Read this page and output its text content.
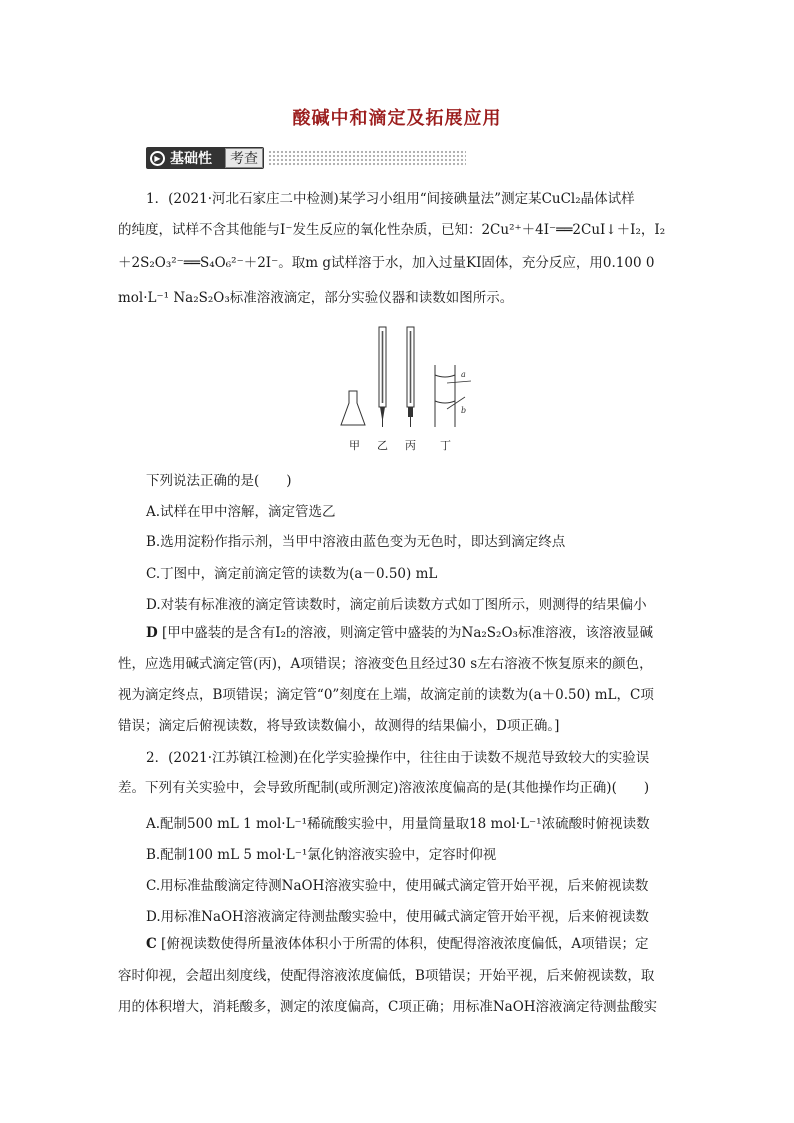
酸碱中和滴定及拓展应用
▶ 基础性	考查
1．(2021·河北石家庄二中检测)某学习小组用“间接碘量法”测定某CuCl₂晶体试样
的纯度，试样不含其他能与I⁻发生反应的氧化性杂质，已知：2Cu²⁺＋4I⁻══2CuI↓＋I₂，I₂
＋2S₂O₃²⁻══S₄O₆²⁻＋2I⁻。取m g试样溶于水，加入过量KI固体，充分反应，用0.100 0
mol·L⁻¹ Na₂S₂O₃标准溶液滴定，部分实验仪器和读数如图所示。
a
b
甲 乙 丙 丁
下列说法正确的是(　　)
A.试样在甲中溶解，滴定管选乙
B.选用淀粉作指示剂，当甲中溶液由蓝色变为无色时，即达到滴定终点
C.丁图中，滴定前滴定管的读数为(a－0.50) mL
D.对装有标准液的滴定管读数时，滴定前后读数方式如丁图所示，则测得的结果偏小
D [甲中盛装的是含有I₂的溶液，则滴定管中盛装的为Na₂S₂O₃标准溶液，该溶液显碱
性，应选用碱式滴定管(丙)，A项错误；溶液变色且经过30 s左右溶液不恢复原来的颜色，
视为滴定终点，B项错误；滴定管“0”刻度在上端，故滴定前的读数为(a＋0.50) mL，C项
错误；滴定后俯视读数，将导致读数偏小，故测得的结果偏小，D项正确。]
2．(2021·江苏镇江检测)在化学实验操作中，往往由于读数不规范导致较大的实验误
差。下列有关实验中，会导致所配制(或所测定)溶液浓度偏高的是(其他操作均正确)(　　)
A.配制500 mL 1 mol·L⁻¹稀硫酸实验中，用量筒量取18 mol·L⁻¹浓硫酸时俯视读数
B.配制100 mL 5 mol·L⁻¹氯化钠溶液实验中，定容时仰视
C.用标准盐酸滴定待测NaOH溶液实验中，使用碱式滴定管开始平视，后来俯视读数
D.用标准NaOH溶液滴定待测盐酸实验中，使用碱式滴定管开始平视，后来俯视读数
C [俯视读数使得所量液体体积小于所需的体积，使配得溶液浓度偏低，A项错误；定
容时仰视，会超出刻度线，使配得溶液浓度偏低，B项错误；开始平视，后来俯视读数，取
用的体积增大，消耗酸多，测定的浓度偏高，C项正确；用标准NaOH溶液滴定待测盐酸实
